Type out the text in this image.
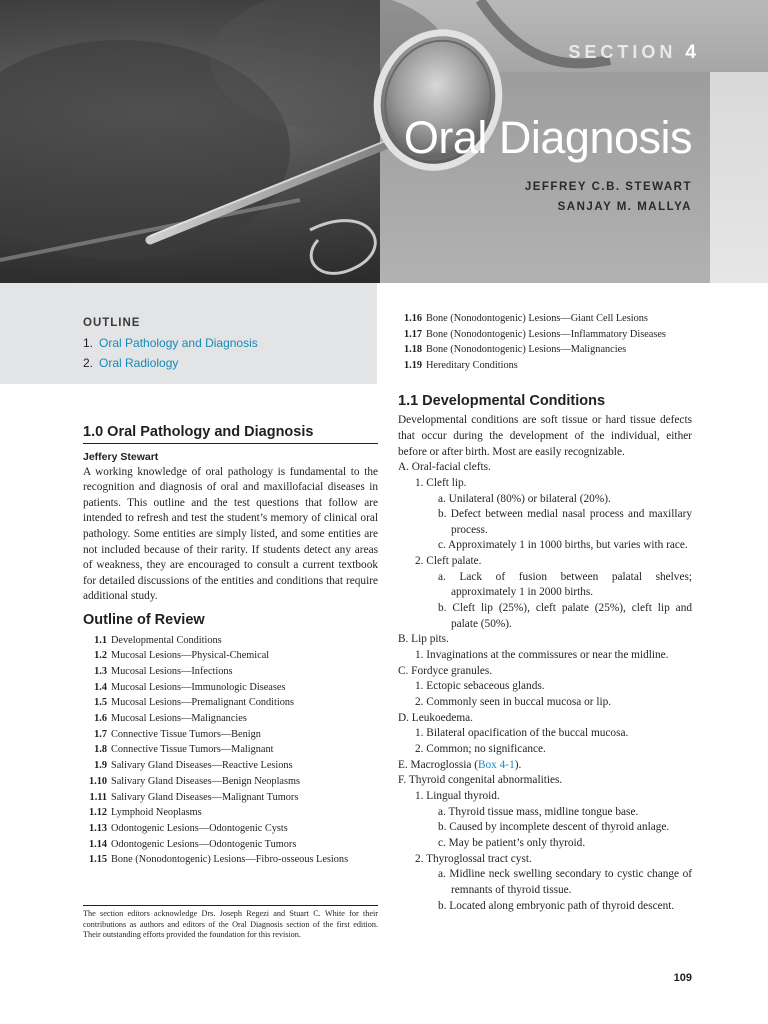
SECTION 4
Oral Diagnosis
JEFFREY C.B. STEWART
SANJAY M. MALLYA
OUTLINE
1. Oral Pathology and Diagnosis
2. Oral Radiology
1.0 Oral Pathology and Diagnosis

Jeffery Stewart

A working knowledge of oral pathology is fundamental to the recognition and diagnosis of oral and maxillofacial diseases in patients. This outline and the test questions that follow are intended to refresh and test the student’s memory of clinical oral pathology. Some entities are simply listed, and some entities are not included because of their rarity. If students detect any areas of weakness, they are encouraged to consult a current textbook for detailed discussions of the entities and conditions that require additional study.

Outline of Review
1.1 Developmental Conditions
1.2 Mucosal Lesions—Physical-Chemical
1.3 Mucosal Lesions—Infections
1.4 Mucosal Lesions—Immunologic Diseases
1.5 Mucosal Lesions—Premalignant Conditions
1.6 Mucosal Lesions—Malignancies
1.7 Connective Tissue Tumors—Benign
1.8 Connective Tissue Tumors—Malignant
1.9 Salivary Gland Diseases—Reactive Lesions
1.10 Salivary Gland Diseases—Benign Neoplasms
1.11 Salivary Gland Diseases—Malignant Tumors
1.12 Lymphoid Neoplasms
1.13 Odontogenic Lesions—Odontogenic Cysts
1.14 Odontogenic Lesions—Odontogenic Tumors
1.15 Bone (Nonodontogenic) Lesions—Fibro-osseous Lesions
The section editors acknowledge Drs. Joseph Regezi and Stuart C. White for their contributions as authors and editors of the Oral Diagnosis section of the first edition. Their outstanding efforts provided the foundation for this revision.
1.16 Bone (Nonodontogenic) Lesions—Giant Cell Lesions
1.17 Bone (Nonodontogenic) Lesions—Inflammatory Diseases
1.18 Bone (Nonodontogenic) Lesions—Malignancies
1.19 Hereditary Conditions
1.1 Developmental Conditions

Developmental conditions are soft tissue or hard tissue defects that occur during the development of the individual, either before or after birth. Most are easily recognizable.

A. Oral-facial clefts.
1. Cleft lip.
a. Unilateral (80%) or bilateral (20%).
b. Defect between medial nasal process and maxillary process.
c. Approximately 1 in 1000 births, but varies with race.
2. Cleft palate.
a. Lack of fusion between palatal shelves; approximately 1 in 2000 births.
b. Cleft lip (25%), cleft palate (25%), cleft lip and palate (50%).
B. Lip pits.
1. Invaginations at the commissures or near the midline.
C. Fordyce granules.
1. Ectopic sebaceous glands.
2. Commonly seen in buccal mucosa or lip.
D. Leukoedema.
1. Bilateral opacification of the buccal mucosa.
2. Common; no significance.
E. Macroglossia (Box 4-1).
F. Thyroid congenital abnormalities.
1. Lingual thyroid.
a. Thyroid tissue mass, midline tongue base.
b. Caused by incomplete descent of thyroid anlage.
c. May be patient’s only thyroid.
2. Thyroglossal tract cyst.
a. Midline neck swelling secondary to cystic change of remnants of thyroid tissue.
b. Located along embryonic path of thyroid descent.
109
